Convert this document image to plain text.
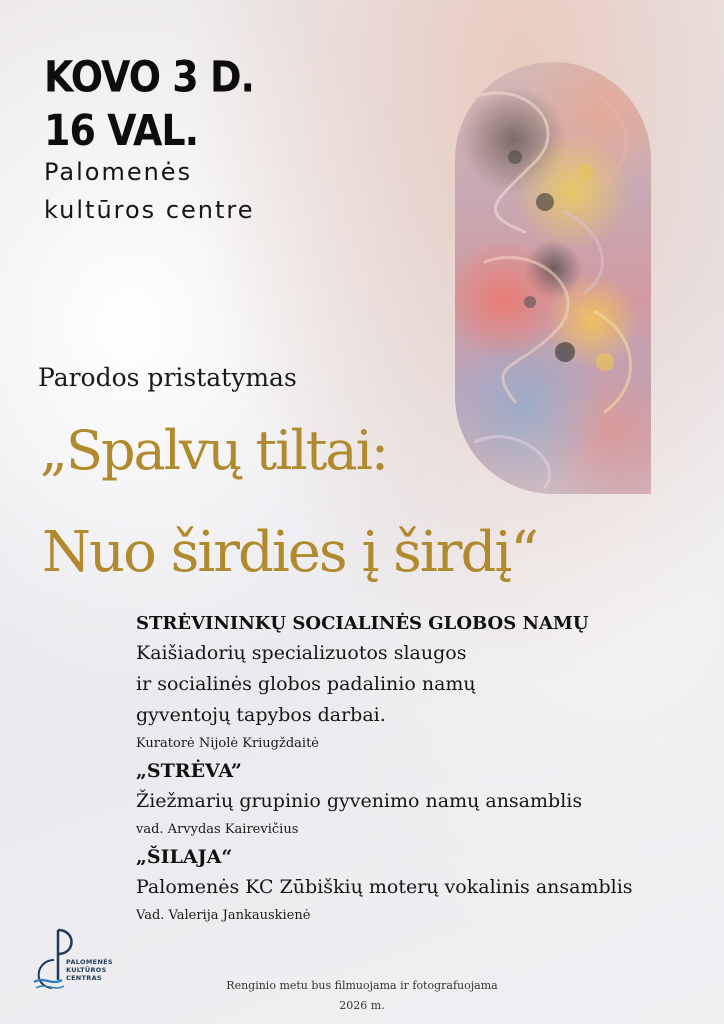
KOVO 3 D.
16 VAL.
Palomenės
kultūros centre
Parodos pristatymas
„Spalvų tiltai:
Nuo širdies į širdį“
STRĖVININKŲ SOCIALINĖS GLOBOS NAMŲ
Kaišiadorių specializuotos slaugos
ir socialinės globos padalinio namų
gyventojų tapybos darbai.
Kuratorė Nijolė Kriugždaitė
„STRĖVA”
Žiežmarių grupinio gyvenimo namų ansamblis
vad. Arvydas Kairevičius
„ŠILAJA“
Palomenės KC Zūbiškių moterų vokalinis ansamblis
Vad. Valerija Jankauskienė
PALOMENĖS
KULTŪROS
CENTRAS
Renginio metu bus filmuojama ir fotografuojama
2026 m.
